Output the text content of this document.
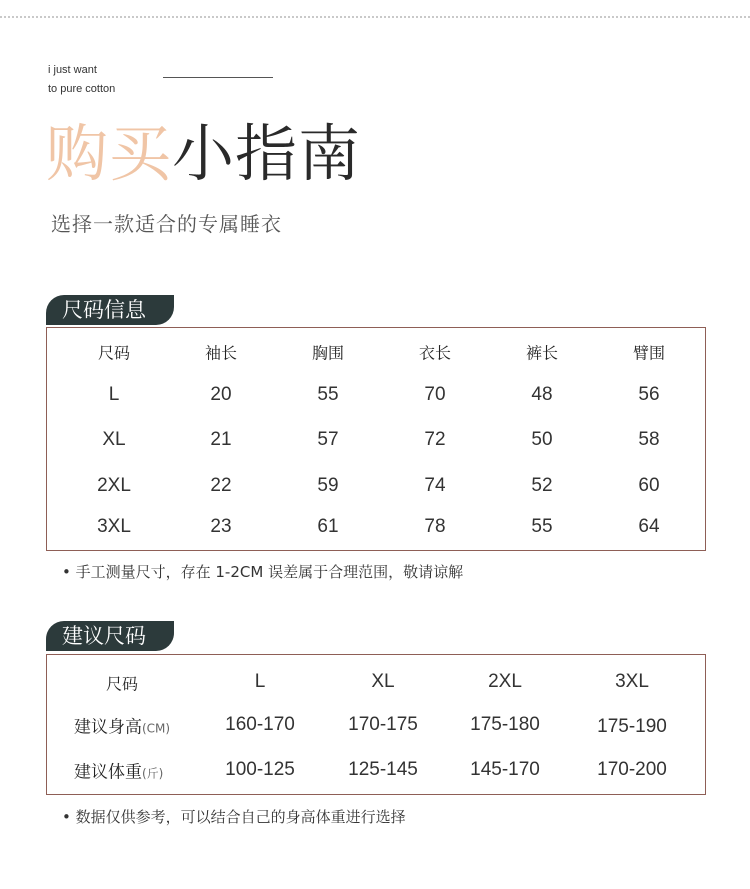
i just want
to pure cotton
购买小指南
选择一款适合的专属睡衣
尺码信息
尺码	袖长	胸围	衣长	裤长	臂围
L	20	55	70	48	56
XL	21	57	72	50	58
2XL	22	59	74	52	60
3XL	23	61	78	55	64
• 手工测量尺寸，存在 1-2CM 误差属于合理范围，敬请谅解
建议尺码
尺码	L	XL	2XL	3XL
建议身高(CM)	160-170	170-175	175-180	175-190
建议体重(斤)	100-125	125-145	145-170	170-200
• 数据仅供参考，可以结合自己的身高体重进行选择
